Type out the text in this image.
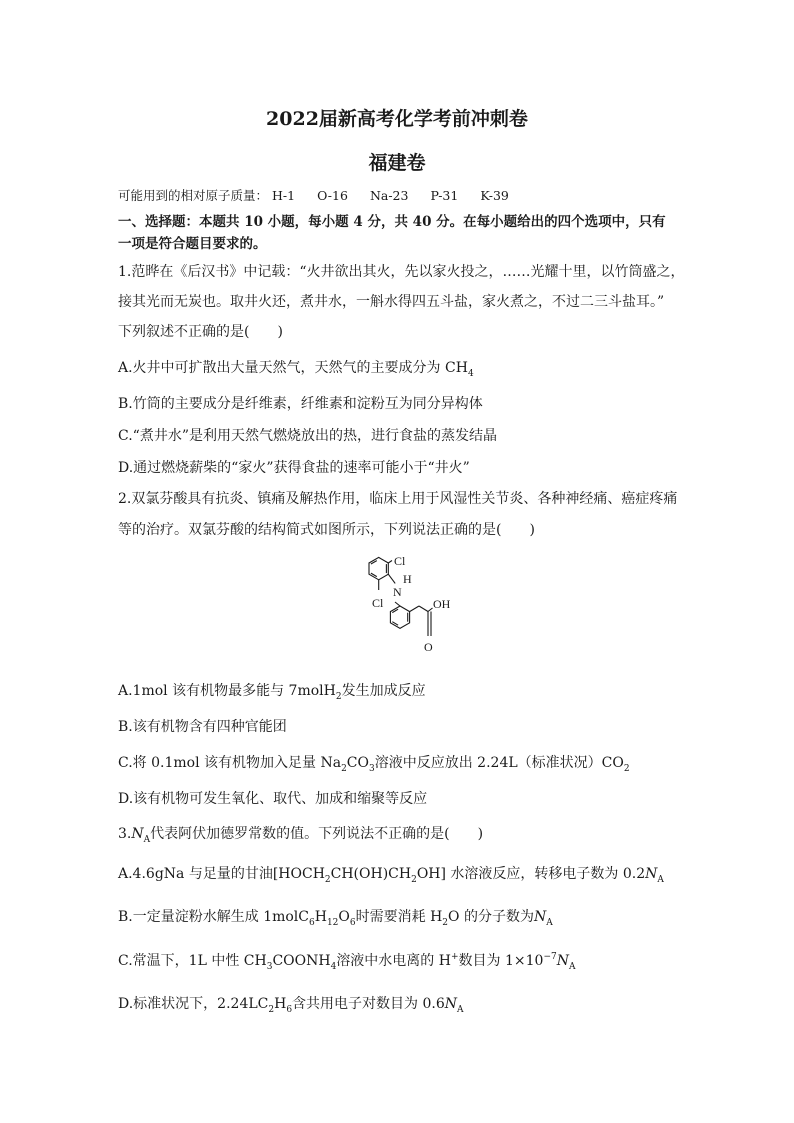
2022届新高考化学考前冲刺卷
福建卷
可能用到的相对原子质量： H-1 O-16 Na-23 P-31 K-39
一、选择题：本题共 10 小题，每小题 4 分，共 40 分。在每小题给出的四个选项中，只有
一项是符合题目要求的。
1.范晔在《后汉书》中记载：“火井欲出其火，先以家火投之，……光耀十里，以竹筒盛之，
接其光而无炭也。取井火还，煮井水，一斛水得四五斗盐，家火煮之，不过二三斗盐耳。”
下列叙述不正确的是(　　)
A.火井中可扩散出大量天然气，天然气的主要成分为 $CH_4$
B.竹筒的主要成分是纤维素，纤维素和淀粉互为同分异构体
C.“煮井水”是利用天然气燃烧放出的热，进行食盐的蒸发结晶
D.通过燃烧薪柴的“家火”获得食盐的速率可能小于“井火”
2.双氯芬酸具有抗炎、镇痛及解热作用，临床上用于风湿性关节炎、各种神经痛、癌症疼痛
等的治疗。双氯芬酸的结构简式如图所示，下列说法正确的是(　　)
Cl
N
H
Cl	OH
O
A.1mol 该有机物最多能与 7molH$_2$发生加成反应
B.该有机物含有四种官能团
C.将 0.1mol 该有机物加入足量 $Na_2CO_3$溶液中反应放出 2.24L（标准状况）$CO_2$
D.该有机物可发生氧化、取代、加成和缩聚等反应
$3.N_A$代表阿伏加德罗常数的值。下列说法不正确的是(　　)
A.4.6gNa 与足量的甘油$[HOCH_2CH(OH)CH_2OH]$ 水溶液反应，转移电子数为 $0.2N_A$
B.一定量淀粉水解生成 $1molC_6H_{12}O_6$时需要消耗 $H_2O$ 的分子数为$N_A$
C.常温下，1L 中性 $CH_3COONH_4$溶液中水电离的 H+数目为 $1\times 10^{-7}N_A$
D.标准状况下，$2.24LC_2H_6$含共用电子对数目为 $0.6N_A$
